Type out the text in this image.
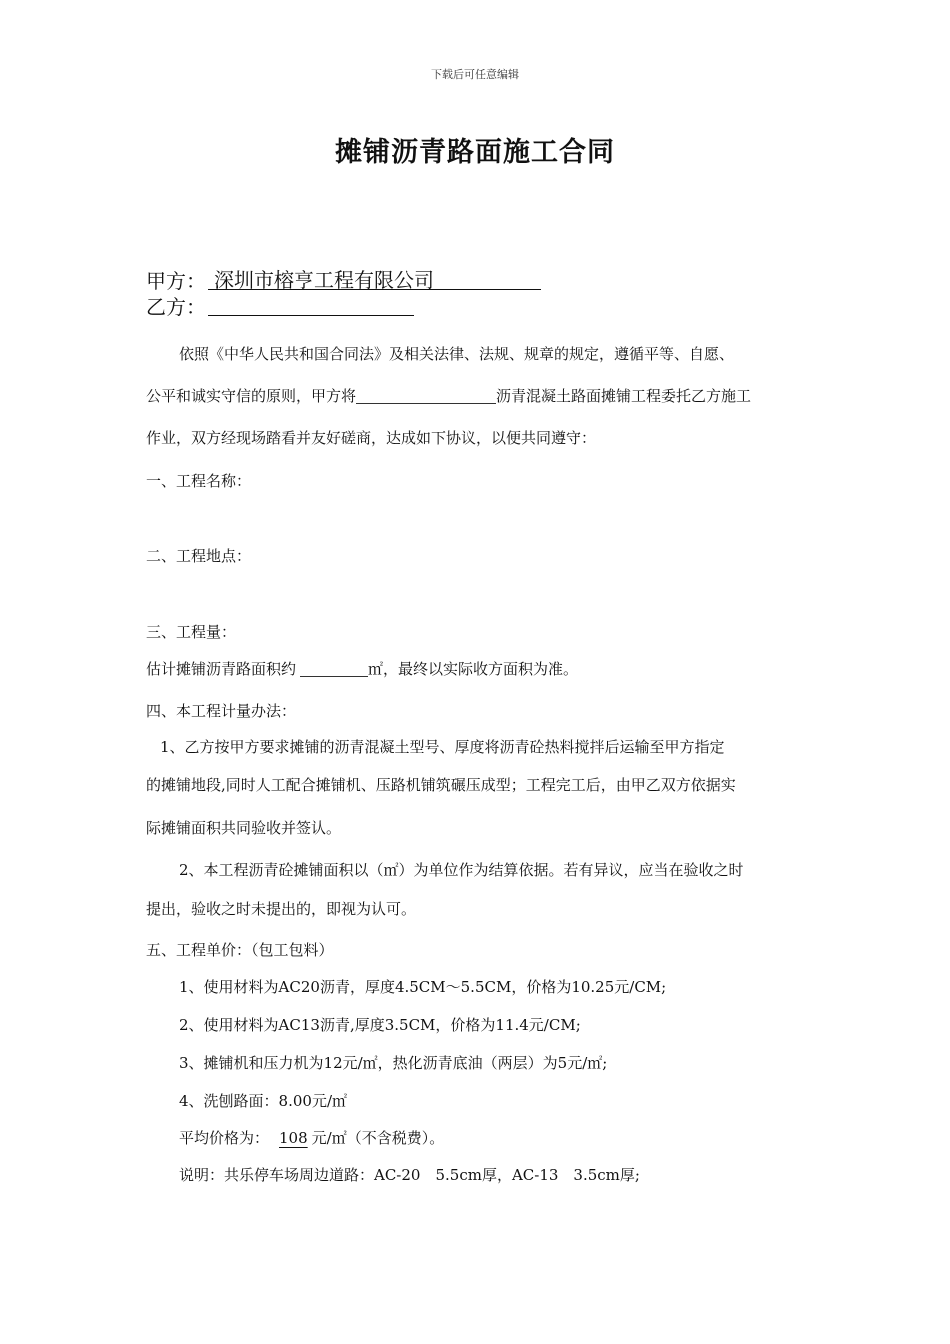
下载后可任意编辑
摊铺沥青路面施工合同
甲方： 深圳市榕亨工程有限公司
乙方：
依照《中华人民共和国合同法》及相关法律、法规、规章的规定，遵循平等、自愿、
公平和诚实守信的原则，甲方将	沥青混凝土路面摊铺工程委托乙方施工
作业，双方经现场踏看并友好磋商，达成如下协议，以便共同遵守：
一、工程名称：
二、工程地点：
三、工程量：
估计摊铺沥青路面积约	㎡，最终以实际收方面积为准。
四、本工程计量办法：
1、乙方按甲方要求摊铺的沥青混凝土型号、厚度将沥青砼热料搅拌后运输至甲方指定
的摊铺地段,同时人工配合摊铺机、压路机铺筑碾压成型；工程完工后，由甲乙双方依据实
际摊铺面积共同验收并签认。
2、本工程沥青砼摊铺面积以（㎡）为单位作为结算依据。若有异议，应当在验收之时
提出，验收之时未提出的，即视为认可。
五、工程单价：（包工包料）
1、使用材料为AC20沥青，厚度4.5CM～5.5CM，价格为10.25元/CM;
2、使用材料为AC13沥青,厚度3.5CM，价格为11.4元/CM;
3、摊铺机和压力机为12元/㎡，热化沥青底油（两层）为5元/㎡;
4、洗刨路面：8.00元/㎡
平均价格为： 108 元/㎡（不含税费）。
说明：共乐停车场周边道路：AC-20　5.5cm厚，AC-13　3.5cm厚;
